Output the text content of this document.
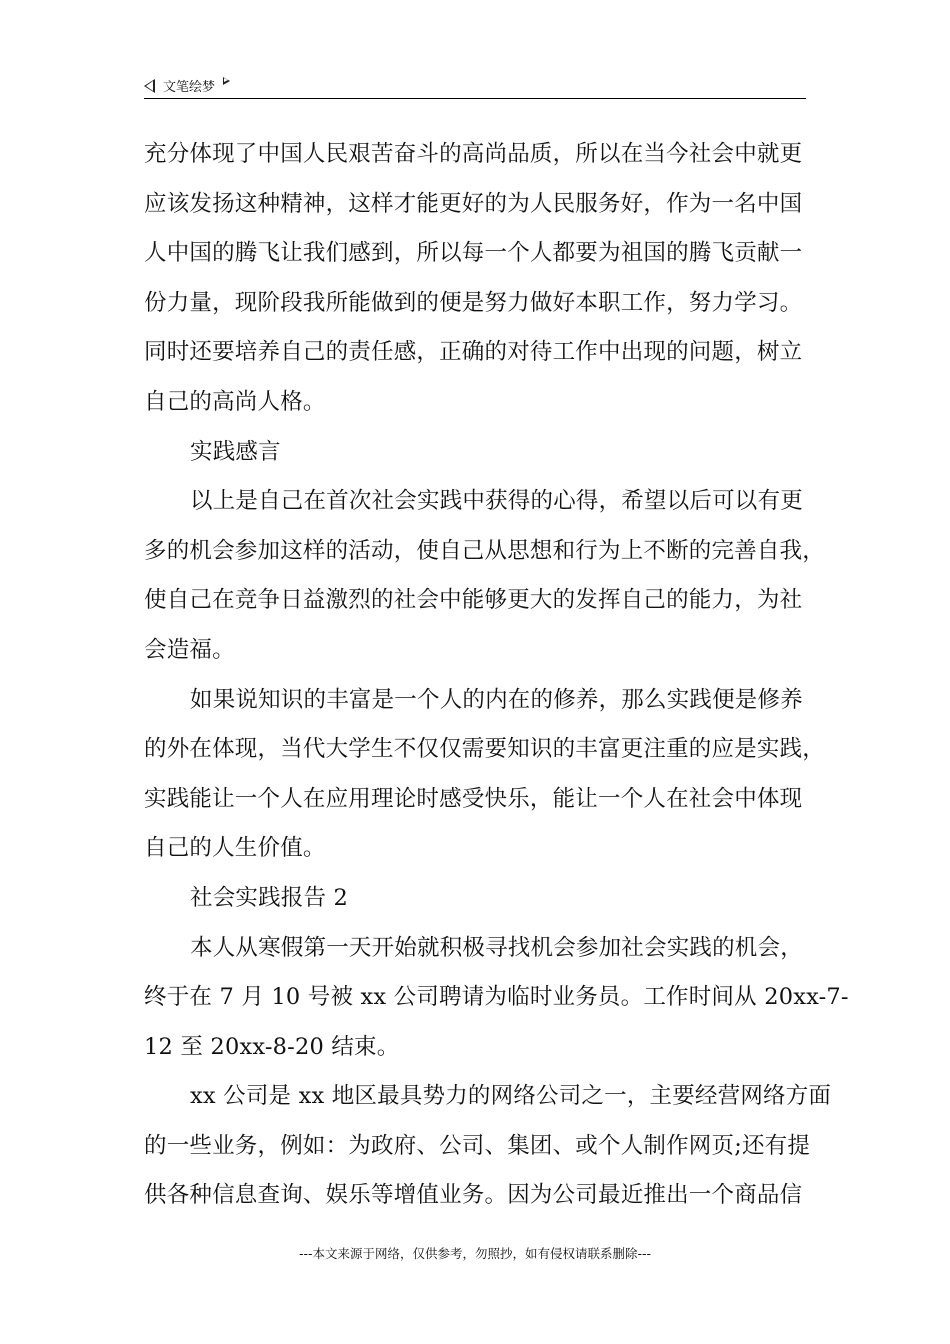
文笔绘梦
充分体现了中国人民艰苦奋斗的高尚品质，所以在当今社会中就更
应该发扬这种精神，这样才能更好的为人民服务好，作为一名中国
人中国的腾飞让我们感到，所以每一个人都要为祖国的腾飞贡献一
份力量，现阶段我所能做到的便是努力做好本职工作，努力学习。
同时还要培养自己的责任感，正确的对待工作中出现的问题，树立
自己的高尚人格。
实践感言
以上是自己在首次社会实践中获得的心得，希望以后可以有更
多的机会参加这样的活动，使自己从思想和行为上不断的完善自我，
使自己在竞争日益激烈的社会中能够更大的发挥自己的能力，为社
会造福。
如果说知识的丰富是一个人的内在的修养，那么实践便是修养
的外在体现，当代大学生不仅仅需要知识的丰富更注重的应是实践，
实践能让一个人在应用理论时感受快乐，能让一个人在社会中体现
自己的人生价值。
社会实践报告 2
本人从寒假第一天开始就积极寻找机会参加社会实践的机会，
终于在 7 月 10 号被 xx 公司聘请为临时业务员。工作时间从 20xx-7-
12 至 20xx-8-20 结束。
xx 公司是 xx 地区最具势力的网络公司之一，主要经营网络方面
的一些业务，例如：为政府、公司、集团、或个人制作网页;还有提
供各种信息查询、娱乐等增值业务。因为公司最近推出一个商品信
---本文来源于网络，仅供参考，勿照抄，如有侵权请联系删除---
